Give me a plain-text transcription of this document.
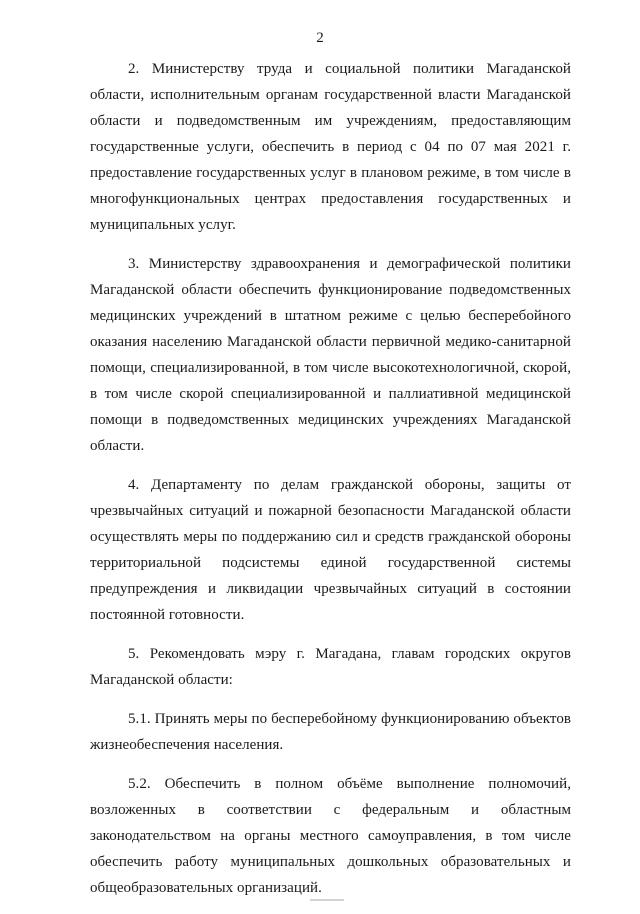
2

2. Министерству труда и социальной политики Магаданской области, исполнительным органам государственной власти Магаданской области и подведомственным им учреждениям, предоставляющим государственные услуги, обеспечить в период с 04 по 07 мая 2021 г. предоставление государственных услуг в плановом режиме, в том числе в многофункциональных центрах предоставления государственных и муниципальных услуг.

3. Министерству здравоохранения и демографической политики Магаданской области обеспечить функционирование подведомственных медицинских учреждений в штатном режиме с целью бесперебойного оказания населению Магаданской области первичной медико-санитарной помощи, специализированной, в том числе высокотехнологичной, скорой, в том числе скорой специализированной и паллиативной медицинской помощи в подведомственных медицинских учреждениях Магаданской области.

4. Департаменту по делам гражданской обороны, защиты от чрезвычайных ситуаций и пожарной безопасности Магаданской области осуществлять меры по поддержанию сил и средств гражданской обороны территориальной подсистемы единой государственной системы предупреждения и ликвидации чрезвычайных ситуаций в состоянии постоянной готовности.

5. Рекомендовать мэру г. Магадана, главам городских округов Магаданской области:

5.1. Принять меры по бесперебойному функционированию объектов жизнеобеспечения населения.

5.2. Обеспечить в полном объёме выполнение полномочий, возложенных в соответствии с федеральным и областным законодательством на органы местного самоуправления, в том числе обеспечить работу муниципальных дошкольных образовательных и общеобразовательных организаций.
